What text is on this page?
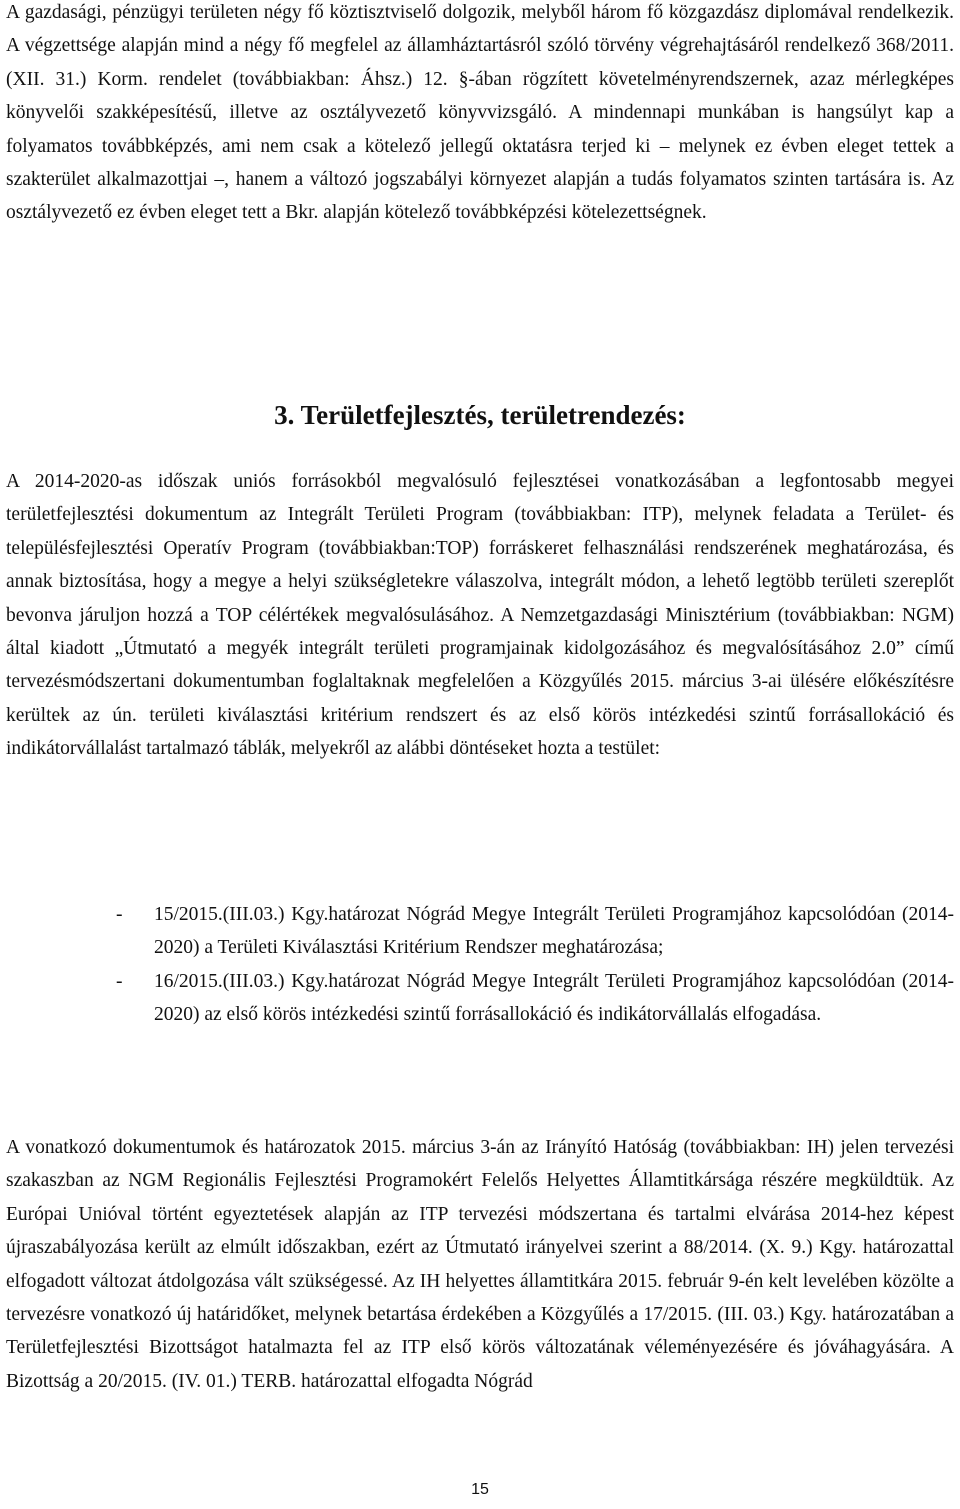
A gazdasági, pénzügyi területen négy fő köztisztviselő dolgozik, melyből három fő közgazdász diplomával rendelkezik. A végzettsége alapján mind a négy fő megfelel az államháztartásról szóló törvény végrehajtásáról rendelkező 368/2011. (XII. 31.) Korm. rendelet (továbbiakban: Áhsz.) 12. §-ában rögzített követelményrendszernek, azaz mérlegképes könyvelői szakképesítésű, illetve az osztályvezető könyvvizsgáló. A mindennapi munkában is hangsúlyt kap a folyamatos továbbképzés, ami nem csak a kötelező jellegű oktatásra terjed ki – melynek ez évben eleget tettek a szakterület alkalmazottjai –, hanem a változó jogszabályi környezet alapján a tudás folyamatos szinten tartására is. Az osztályvezető ez évben eleget tett a Bkr. alapján kötelező továbbképzési kötelezettségnek.

3. Területfejlesztés, területrendezés:

A 2014-2020-as időszak uniós forrásokból megvalósuló fejlesztései vonatkozásában a legfontosabb megyei területfejlesztési dokumentum az Integrált Területi Program (továbbiakban: ITP), melynek feladata a Terület- és településfejlesztési Operatív Program (továbbiakban:TOP) forráskeret felhasználási rendszerének meghatározása, és annak biztosítása, hogy a megye a helyi szükségletekre válaszolva, integrált módon, a lehető legtöbb területi szereplőt bevonva járuljon hozzá a TOP célértékek megvalósulásához. A Nemzetgazdasági Minisztérium (továbbiakban: NGM) által kiadott „Útmutató a megyék integrált területi programjainak kidolgozásához és megvalósításához 2.0” című tervezésmódszertani dokumentumban foglaltaknak megfelelően a Közgyűlés 2015. március 3-ai ülésére előkészítésre kerültek az ún. területi kiválasztási kritérium rendszert és az első körös intézkedési szintű forrásallokáció és indikátorvállalást tartalmazó táblák, melyekről az alábbi döntéseket hozta a testület:

- 15/2015.(III.03.) Kgy.határozat Nógrád Megye Integrált Területi Programjához kapcsolódóan (2014-2020) a Területi Kiválasztási Kritérium Rendszer meghatározása;
- 16/2015.(III.03.) Kgy.határozat Nógrád Megye Integrált Területi Programjához kapcsolódóan (2014-2020) az első körös intézkedési szintű forrásallokáció és indikátorvállalás elfogadása.

A vonatkozó dokumentumok és határozatok 2015. március 3-án az Irányító Hatóság (továbbiakban: IH) jelen tervezési szakaszban az NGM Regionális Fejlesztési Programokért Felelős Helyettes Államtitkársága részére megküldtük. Az Európai Unióval történt egyeztetések alapján az ITP tervezési módszertana és tartalmi elvárása 2014-hez képest újraszabályozása került az elmúlt időszakban, ezért az Útmutató irányelvei szerint a 88/2014. (X. 9.) Kgy. határozattal elfogadott változat átdolgozása vált szükségessé. Az IH helyettes államtitkára 2015. február 9-én kelt levelében közölte a tervezésre vonatkozó új határidőket, melynek betartása érdekében a Közgyűlés a 17/2015. (III. 03.) Kgy. határozatában a Területfejlesztési Bizottságot hatalmazta fel az ITP első körös változatának véleményezésére és jóváhagyására. A Bizottság a 20/2015. (IV. 01.) TERB. határozattal elfogadta Nógrád

15
